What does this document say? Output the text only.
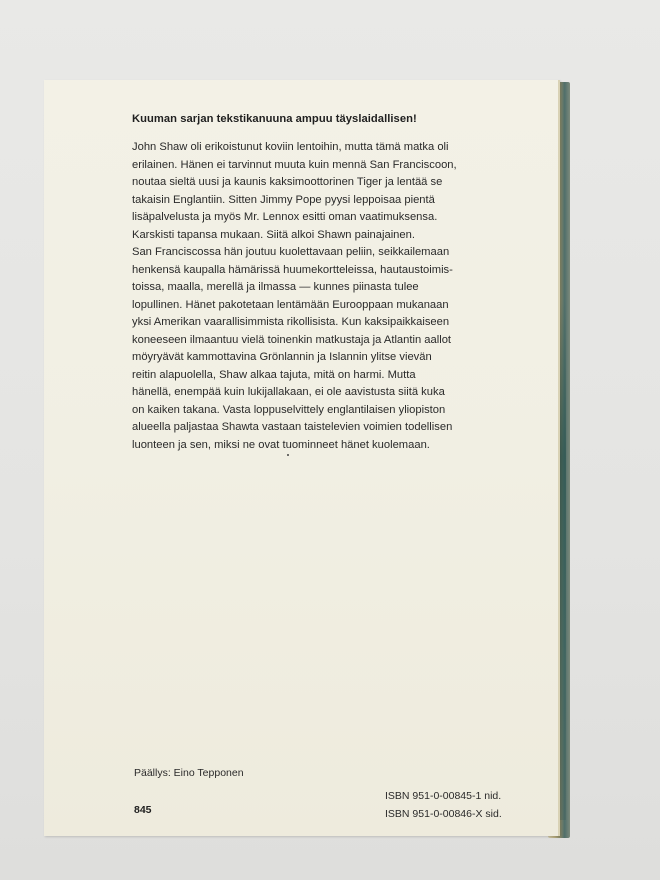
Kuuman sarjan tekstikanuuna ampuu täyslaidallisen!
John Shaw oli erikoistunut koviin lentoihin, mutta tämä matka oli
erilainen. Hänen ei tarvinnut muuta kuin mennä San Franciscoon,
noutaa sieltä uusi ja kaunis kaksimoottorinen Tiger ja lentää se
takaisin Englantiin. Sitten Jimmy Pope pyysi leppoisaa pientä
lisäpalvelusta ja myös Mr. Lennox esitti oman vaatimuksensa.
Karskisti tapansa mukaan. Siitä alkoi Shawn painajainen.
San Franciscossa hän joutuu kuolettavaan peliin, seikkailemaan
henkensä kaupalla hämärissä huumekortteleissa, hautaustoimis-
toissa, maalla, merellä ja ilmassa — kunnes piinasta tulee
lopullinen. Hänet pakotetaan lentämään Eurooppaan mukanaan
yksi Amerikan vaarallisimmista rikollisista. Kun kaksipaikkaiseen
koneeseen ilmaantuu vielä toinenkin matkustaja ja Atlantin aallot
möyryävät kammottavina Grönlannin ja Islannin ylitse vievän
reitin alapuolella, Shaw alkaa tajuta, mitä on harmi. Mutta
hänellä, enempää kuin lukijallakaan, ei ole aavistusta siitä kuka
on kaiken takana. Vasta loppuselvittely englantilaisen yliopiston
alueella paljastaa Shawta vastaan taistelevien voimien todellisen
luonteen ja sen, miksi ne ovat tuominneet hänet kuolemaan.
Päällys: Eino Tepponen
845
ISBN 951-0-00845-1 nid.
ISBN 951-0-00846-X sid.
